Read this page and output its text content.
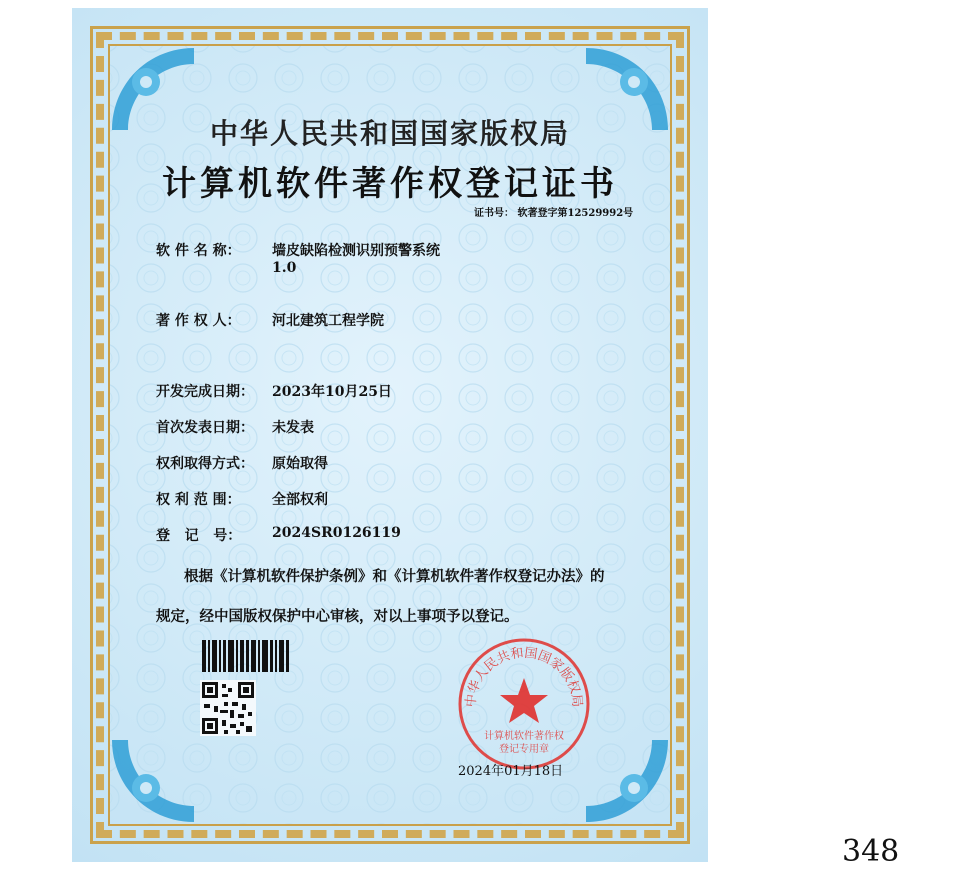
中华人民共和国国家版权局
计算机软件著作权登记证书
证书号： 软著登字第12529992号
软 件 名 称： 墙皮缺陷检测识别预警系统
1.0
著 作 权 人： 河北建筑工程学院
开发完成日期： 2023年10月25日
首次发表日期： 未发表
权利取得方式： 原始取得
权 利 范 围： 全部权利
登   记   号： 2024SR0126119
根据《计算机软件保护条例》和《计算机软件著作权登记办法》的
规定，经中国版权保护中心审核，对以上事项予以登记。
中华人民共和国国家版权局
计算机软件著作权
登记专用章
2024年01月18日
348
